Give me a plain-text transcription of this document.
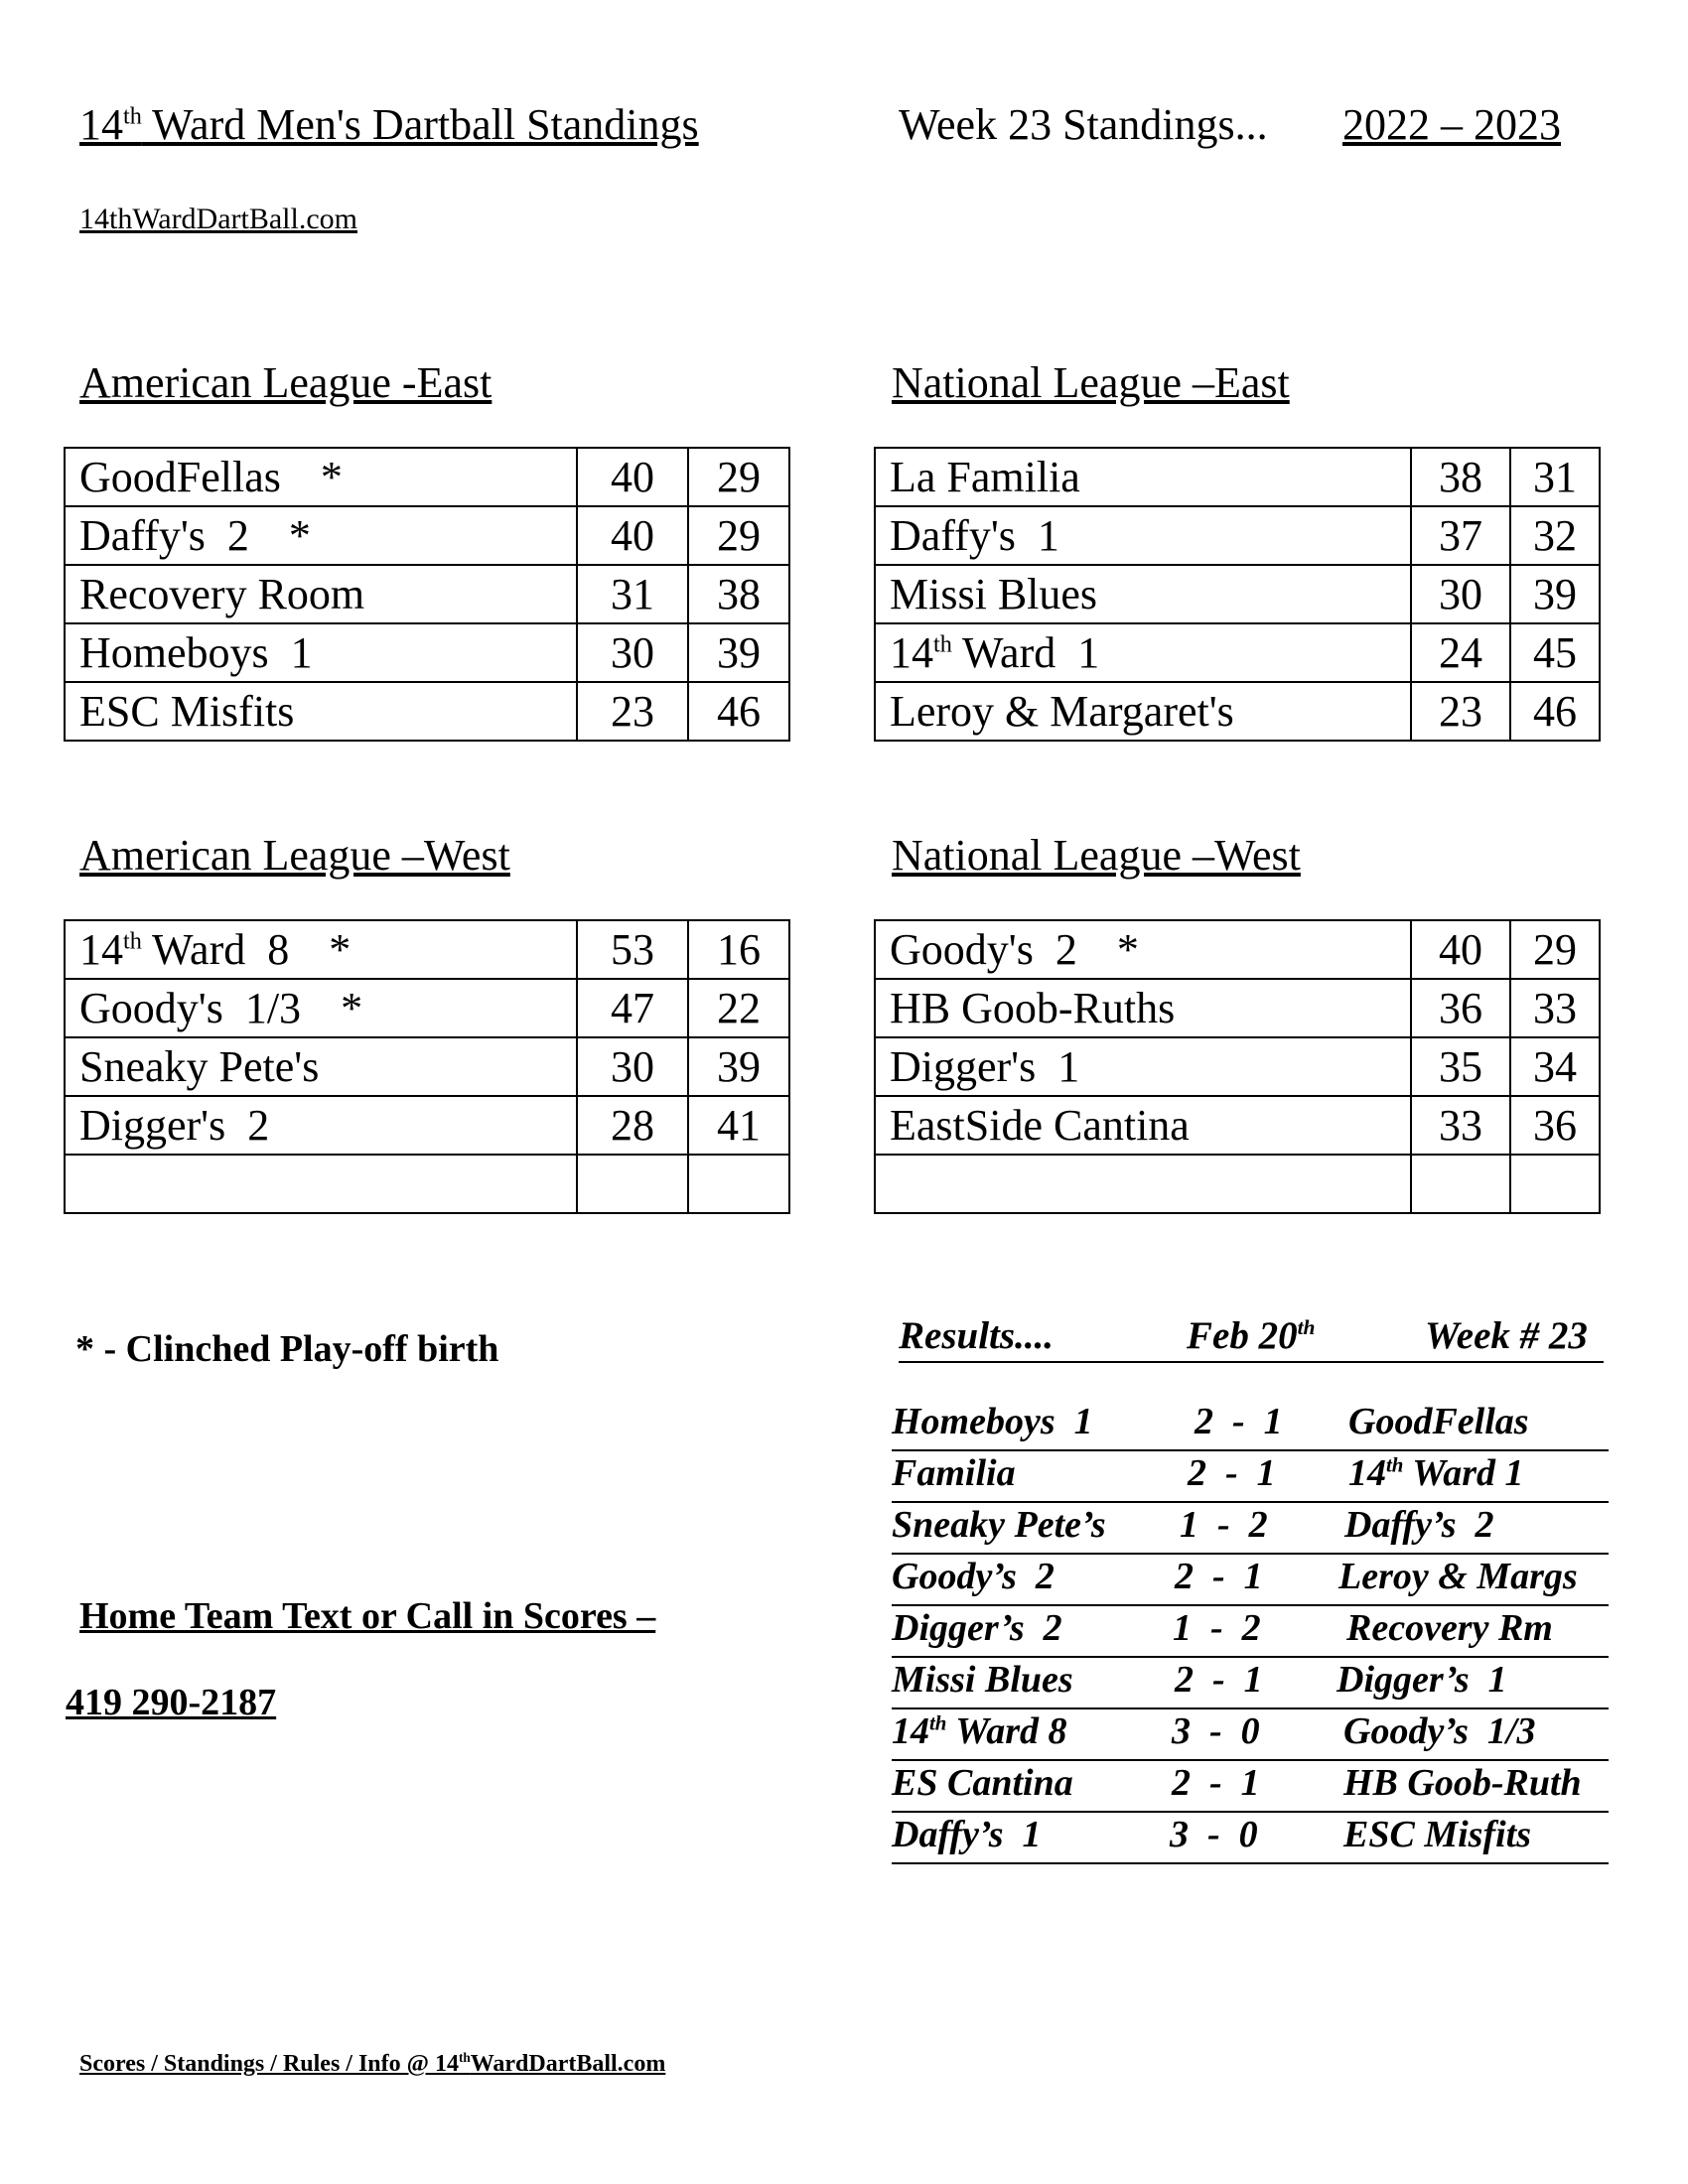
14th Ward Men's Dartball Standings	Week 23 Standings... 2022 – 2023
14thWardDartBall.com
American League -East
GoodFellas *	40	29
Daffy's  2 *	40	29
Recovery Room	31	38
Homeboys  1	30	39
ESC Misfits	23	46
National League –East
La Familia	38	31
Daffy's  1	37	32
Missi Blues	30	39
14th Ward  1	24	45
Leroy & Margaret's	23	46
American League –West
14th Ward  8 *	53	16
Goody's  1/3 *	47	22
Sneaky Pete's	30	39
Digger's  2	28	41

National League –West
Goody's  2 *	40	29
HB Goob-Ruths	36	33
Digger's  1	35	34
EastSide Cantina	33	36

* - Clinched Play-off birth
Home Team Text or Call in Scores –
419 290-2187
Results....	Feb 20th	Week # 23
Homeboys  1	2  -  1 GoodFellas
Familia	2  -  1 14th Ward 1
Sneaky Pete’s 1  -  2 Daffy’s  2
Goody’s  2	2  -  1 Leroy & Margs
Digger’s  2	1  -  2 Recovery Rm
Missi Blues	2  -  1 Digger’s  1
14th Ward 8	3  -  0 Goody’s  1/3
ES Cantina	2  -  1 HB Goob-Ruth
Daffy’s  1	3  -  0 ESC Misfits
Scores / Standings / Rules / Info @ 14thWardDartBall.com
